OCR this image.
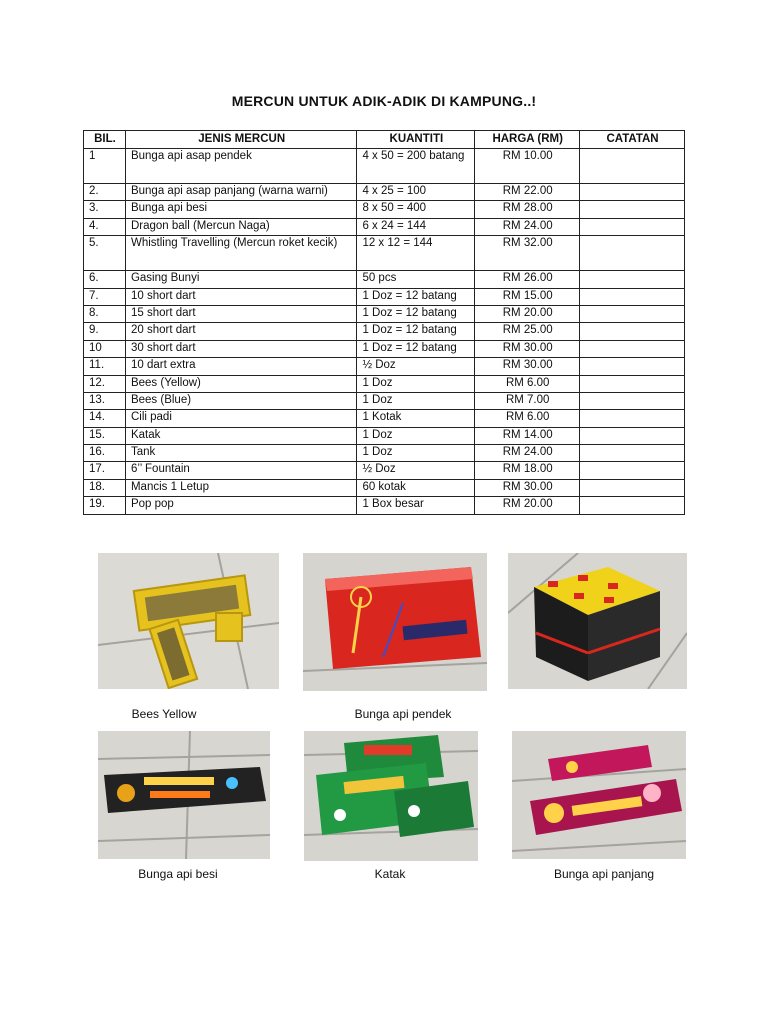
MERCUN UNTUK ADIK-ADIK DI KAMPUNG..!
BIL.	JENIS MERCUN	KUANTITI	HARGA (RM)	CATATAN
1	Bunga api asap pendek	4 x 50 = 200 batang	RM 10.00	
2.	Bunga api asap panjang (warna warni)	4 x 25 = 100	RM 22.00	
3.	Bunga api besi	8 x 50 = 400	RM 28.00	
4.	Dragon ball (Mercun Naga)	6 x 24 = 144	RM 24.00	
5.	Whistling Travelling (Mercun roket kecik)	12 x 12 = 144	RM 32.00	
6.	Gasing Bunyi	50 pcs	RM 26.00	
7.	10 short dart	1 Doz = 12 batang	RM 15.00	
8.	15 short dart	1 Doz = 12 batang	RM 20.00	
9.	20 short dart	1 Doz = 12 batang	RM 25.00	
10	30 short dart	1 Doz = 12 batang	RM 30.00	
11.	10 dart extra	½ Doz	RM 30.00	
12.	Bees (Yellow)	1 Doz	RM 6.00	
13.	Bees (Blue)	1 Doz	RM 7.00	
14.	Cili padi	1 Kotak	RM 6.00	
15.	Katak	1 Doz	RM 14.00	
16.	Tank	1 Doz	RM 24.00	
17.	6’’ Fountain	½ Doz	RM 18.00	
18.	Mancis 1 Letup	60 kotak	RM 30.00	
19.	Pop pop	1 Box besar	RM 20.00	
Bees Yellow	Bunga api pendek
Bunga api besi	Katak	Bunga api panjang
